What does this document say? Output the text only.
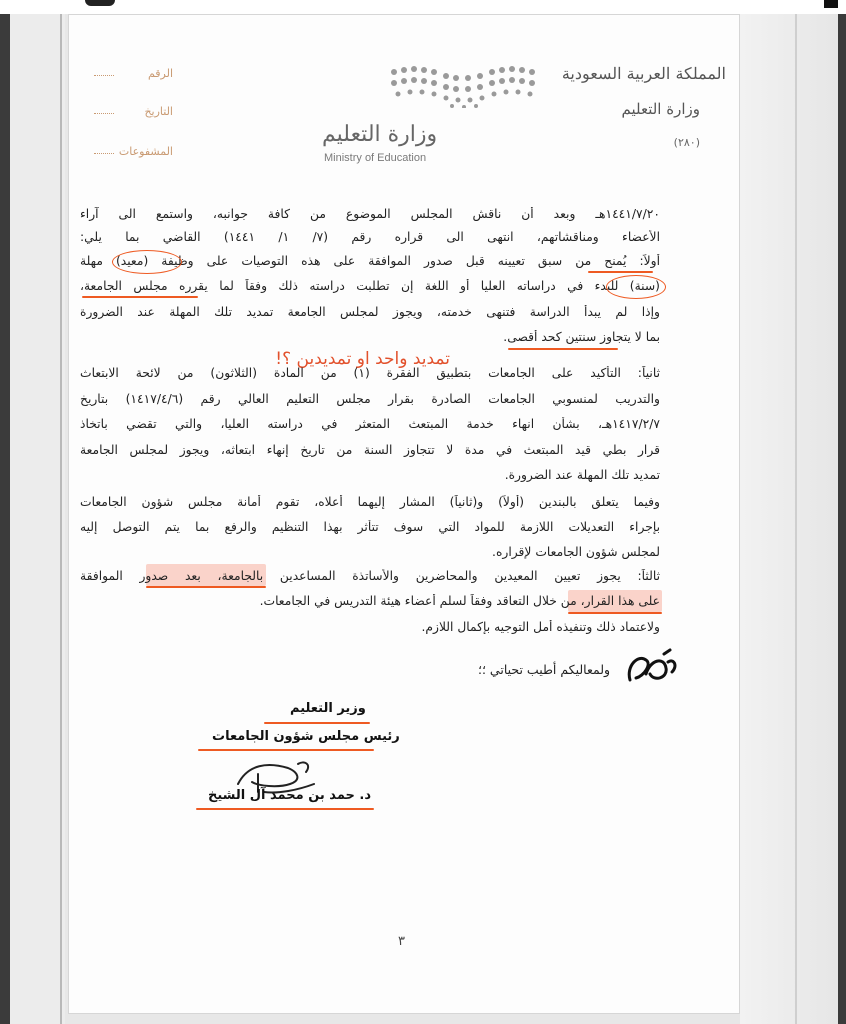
المملكة العربية السعودية
وزارة التعليم
(٢٨٠)
وزارة التعليم
Ministry of Education
الرقم
التاريخ
المشفوعات
١٤٤١/٧/٢٠هـ وبعد أن ناقش المجلس الموضوع من كافة جوانبه، واستمع الى آراء
الأعضاء ومناقشاتهم، انتهى الى قراره رقم (٧/ ١/ ١٤٤١) القاضي بما يلي:
أولاً: يُمنح من سبق تعيينه قبل صدور الموافقة على هذه التوصيات على وظيفة (معيد) مهلة
(سنة) للبدء في دراساته العليا أو اللغة إن تطلبت دراسته ذلك وفقاً لما يقرره مجلس الجامعة،
وإذا لم يبدأ الدراسة فتنهى خدمته، ويجوز لمجلس الجامعة تمديد تلك المهلة عند الضرورة
بما لا يتجاوز سنتين كحد أقصى.
تمديد واحد او تمديدين ؟!
ثانياً: التأكيد على الجامعات بتطبيق الفقرة (١) من المادة (الثلاثون) من لائحة الابتعاث
والتدريب لمنسوبي الجامعات الصادرة بقرار مجلس التعليم العالي رقم (١٤١٧/٤/٦) بتاريخ
١٤١٧/٢/٧هـ، بشأن انهاء خدمة المبتعث المتعثر في دراسته العليا، والتي تقضي باتخاذ
قرار بطي قيد المبتعث في مدة لا تتجاوز السنة من تاريخ إنهاء ابتعاثه، ويجوز لمجلس الجامعة
تمديد تلك المهلة عند الضرورة.
وفيما يتعلق بالبندين (أولاً) و(ثانياً) المشار إليهما أعلاه، تقوم أمانة مجلس شؤون الجامعات
بإجراء التعديلات اللازمة للمواد التي سوف تتأثر بهذا التنظيم والرفع بما يتم التوصل إليه
لمجلس شؤون الجامعات لإقراره.
ثالثاً: يجوز تعيين المعيدين والمحاضرين والأساتذة المساعدين بالجامعة، بعد صدور الموافقة
على هذا القرار، من خلال التعاقد وفقاً لسلم أعضاء هيئة التدريس في الجامعات.
ولاعتماد ذلك وتنفيذه أمل التوجيه بإكمال اللازم.
ولمعاليكم أطيب تحياتي ؛؛
وزير التعليم
رئيس مجلس شؤون الجامعات
د. حمد بن محمد آل الشيخ
٣
